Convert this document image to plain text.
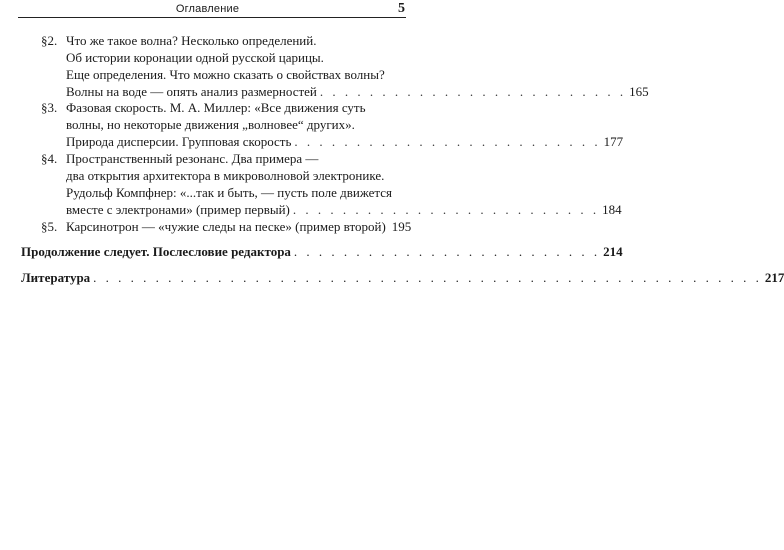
Оглавление	5
§2. Что же такое волна? Несколько определений.
Об истории коронации одной русской царицы.
Еще определения. Что можно сказать о свойствах волны?
Волны на воде — опять анализ размерностей . . . . . . . . . . . . . . . . . . . . . . . . . 165
§3. Фазовая скорость. М. А. Миллер: «Все движения суть
волны, но некоторые движения „волновее“ других».
Природа дисперсии. Групповая скорость . . . . . . . . . . . . . . . . . . . . . . . . . 177
§4. Пространственный резонанс. Два примера —
два открытия архитектора в микроволновой электронике.
Рудольф Компфнер: «...так и быть, — пусть поле движется
вместе с электронами» (пример первый) . . . . . . . . . . . . . . . . . . . . . . . . . 184
§5. Карсинотрон — «чужие следы на песке» (пример второй) 195
Продолжение следует. Послесловие редактора . . . . . . . . . . . . . . . . . . . . . . . . . 214
Литература . . . . . . . . . . . . . . . . . . . . . . . . . . . . . . . . . . . . . . . . . . . . . . . . . . . . . . 217
